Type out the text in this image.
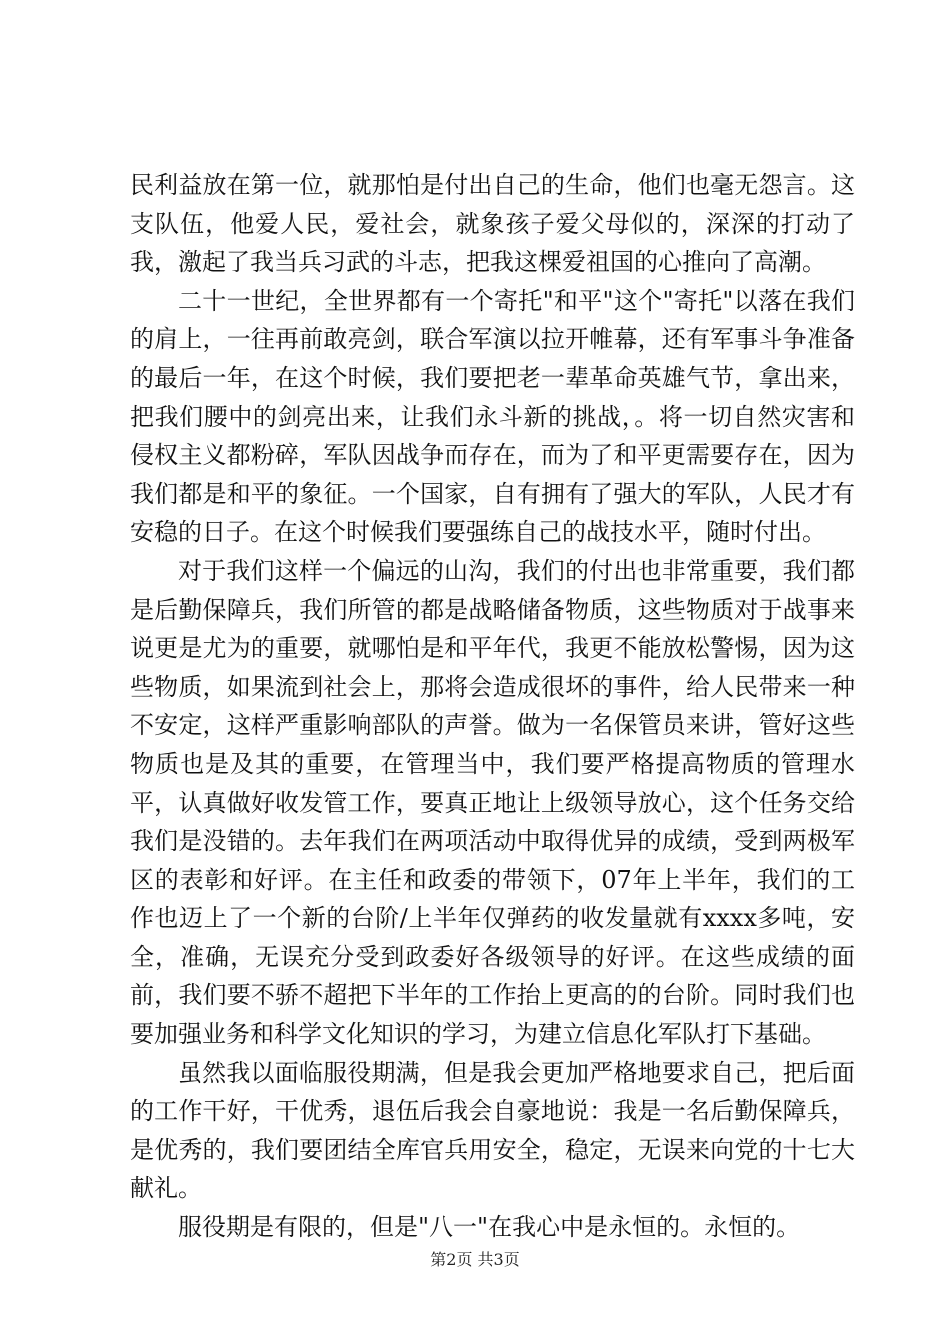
民利益放在第一位，就那怕是付出自己的生命，他们也毫无怨言。这支队伍，他爱人民，爱社会，就象孩子爱父母似的，深深的打动了我，激起了我当兵习武的斗志，把我这棵爱祖国的心推向了高潮。

二十一世纪，全世界都有一个寄托"和平"这个"寄托"以落在我们的肩上，一往再前敢亮剑，联合军演以拉开帷幕，还有军事斗争准备的最后一年，在这个时候，我们要把老一辈革命英雄气节，拿出来，把我们腰中的剑亮出来，让我们永斗新的挑战，。将一切自然灾害和侵权主义都粉碎，军队因战争而存在，而为了和平更需要存在，因为我们都是和平的象征。一个国家，自有拥有了强大的军队，人民才有安稳的日子。在这个时候我们要强练自己的战技水平，随时付出。

对于我们这样一个偏远的山沟，我们的付出也非常重要，我们都是后勤保障兵，我们所管的都是战略储备物质，这些物质对于战事来说更是尤为的重要，就哪怕是和平年代，我更不能放松警惕，因为这些物质，如果流到社会上，那将会造成很坏的事件，给人民带来一种不安定，这样严重影响部队的声誉。做为一名保管员来讲，管好这些物质也是及其的重要，在管理当中，我们要严格提高物质的管理水平，认真做好收发管工作，要真正地让上级领导放心，这个任务交给我们是没错的。去年我们在两项活动中取得优异的成绩，受到两极军区的表彰和好评。在主任和政委的带领下，07年上半年，我们的工作也迈上了一个新的台阶/上半年仅弹药的收发量就有xxxx多吨，安全，准确，无误充分受到政委好各级领导的好评。在这些成绩的面前，我们要不骄不超把下半年的工作抬上更高的的台阶。同时我们也要加强业务和科学文化知识的学习，为建立信息化军队打下基础。

虽然我以面临服役期满，但是我会更加严格地要求自己，把后面的工作干好，干优秀，退伍后我会自豪地说：我是一名后勤保障兵，是优秀的，我们要团结全库官兵用安全，稳定，无误来向党的十七大献礼。

服役期是有限的，但是"八一"在我心中是永恒的。永恒的。

第2页 共3页
